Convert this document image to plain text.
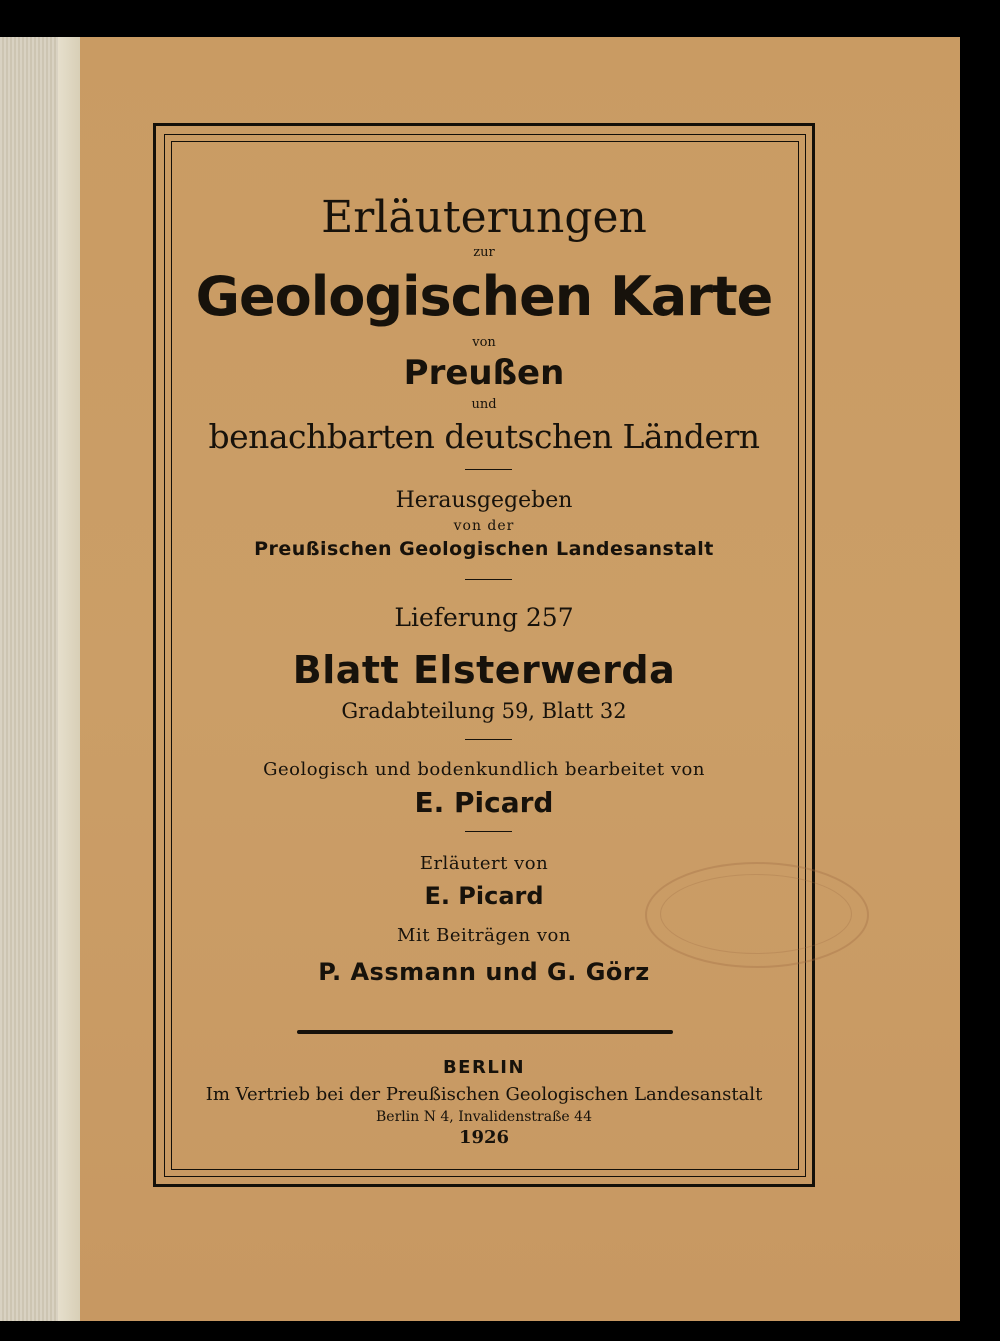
Erläuterungen
zur
Geologischen Karte
von
Preußen
und
benachbarten deutschen Ländern
Herausgegeben
von der
Preußischen Geologischen Landesanstalt
Lieferung 257
Blatt Elsterwerda
Gradabteilung 59, Blatt 32
Geologisch und bodenkundlich bearbeitet von
E. Picard
Erläutert von
E. Picard
Mit Beiträgen von
P. Assmann und G. Görz
BERLIN
Im Vertrieb bei der Preußischen Geologischen Landesanstalt
Berlin N 4, Invalidenstraße 44
1926
